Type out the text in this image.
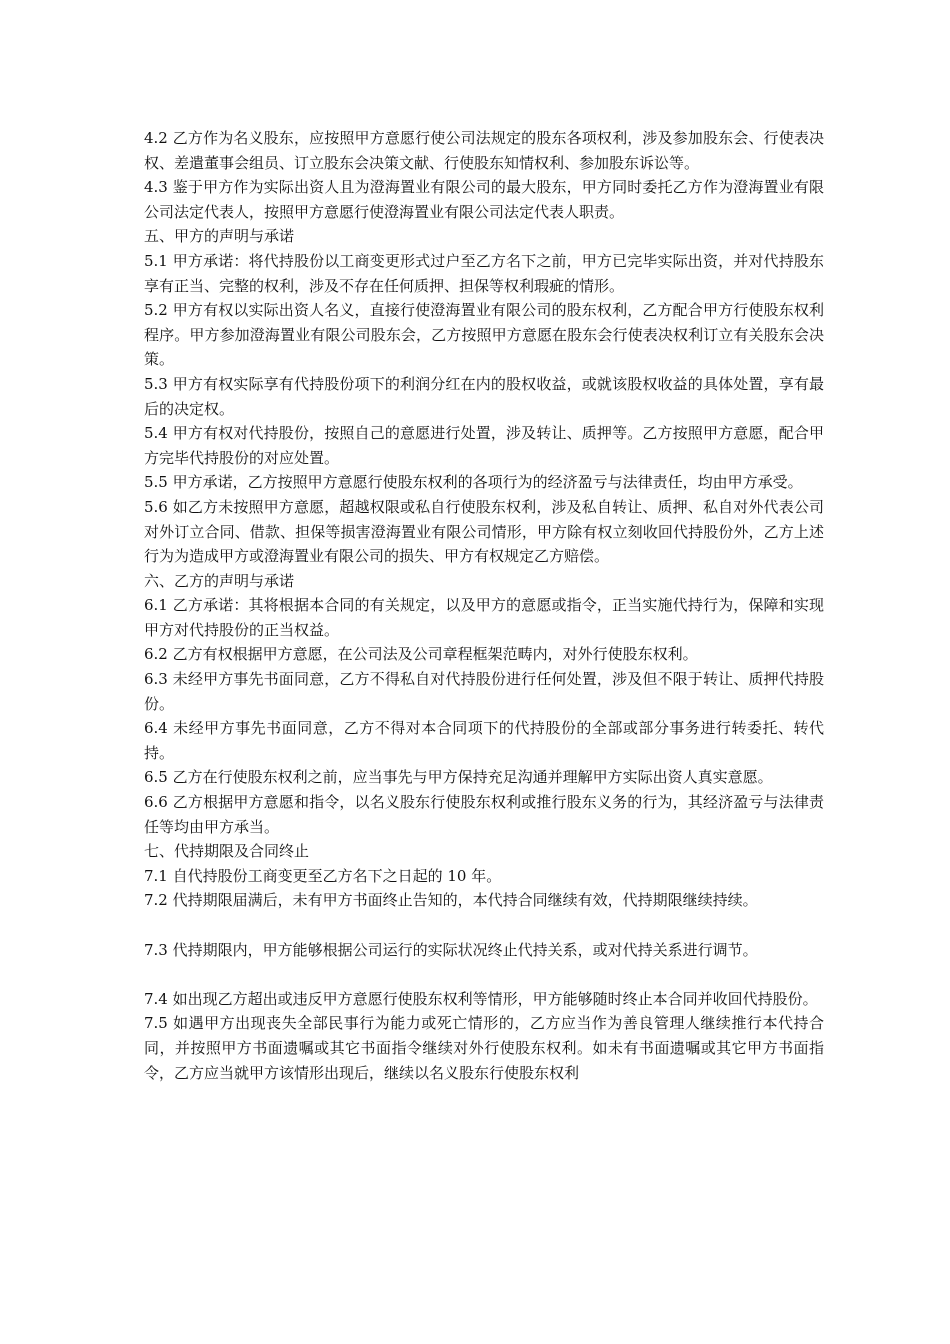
4.2 乙方作为名义股东，应按照甲方意愿行使公司法规定的股东各项权利，涉及参加股东会、行使表决权、差遣董事会组员、订立股东会决策文献、行使股东知情权利、参加股东诉讼等。

4.3 鉴于甲方作为实际出资人且为澄海置业有限公司的最大股东，甲方同时委托乙方作为澄海置业有限公司法定代表人，按照甲方意愿行使澄海置业有限公司法定代表人职责。

五、甲方的声明与承诺

5.1 甲方承诺：将代持股份以工商变更形式过户至乙方名下之前，甲方已完毕实际出资，并对代持股东享有正当、完整的权利，涉及不存在任何质押、担保等权利瑕疵的情形。

5.2 甲方有权以实际出资人名义，直接行使澄海置业有限公司的股东权利，乙方配合甲方行使股东权利程序。甲方参加澄海置业有限公司股东会，乙方按照甲方意愿在股东会行使表决权利订立有关股东会决策。

5.3 甲方有权实际享有代持股份项下的利润分红在内的股权收益，或就该股权收益的具体处置，享有最后的决定权。

5.4 甲方有权对代持股份，按照自己的意愿进行处置，涉及转让、质押等。乙方按照甲方意愿，配合甲方完毕代持股份的对应处置。

5.5 甲方承诺，乙方按照甲方意愿行使股东权利的各项行为的经济盈亏与法律责任，均由甲方承受。

5.6 如乙方未按照甲方意愿，超越权限或私自行使股东权利，涉及私自转让、质押、私自对外代表公司对外订立合同、借款、担保等损害澄海置业有限公司情形，甲方除有权立刻收回代持股份外，乙方上述行为为造成甲方或澄海置业有限公司的损失、甲方有权规定乙方赔偿。

六、乙方的声明与承诺

6.1 乙方承诺：其将根据本合同的有关规定，以及甲方的意愿或指令，正当实施代持行为，保障和实现甲方对代持股份的正当权益。

6.2 乙方有权根据甲方意愿，在公司法及公司章程框架范畴内，对外行使股东权利。

6.3 未经甲方事先书面同意，乙方不得私自对代持股份进行任何处置，涉及但不限于转让、质押代持股份。

6.4 未经甲方事先书面同意，乙方不得对本合同项下的代持股份的全部或部分事务进行转委托、转代持。

6.5 乙方在行使股东权利之前，应当事先与甲方保持充足沟通并理解甲方实际出资人真实意愿。

6.6 乙方根据甲方意愿和指令，以名义股东行使股东权利或推行股东义务的行为，其经济盈亏与法律责任等均由甲方承当。

七、代持期限及合同终止

7.1 自代持股份工商变更至乙方名下之日起的 10 年。

7.2 代持期限届满后，未有甲方书面终止告知的，本代持合同继续有效，代持期限继续持续。

7.3 代持期限内，甲方能够根据公司运行的实际状况终止代持关系，或对代持关系进行调节。

7.4 如出现乙方超出或违反甲方意愿行使股东权利等情形，甲方能够随时终止本合同并收回代持股份。

7.5 如遇甲方出现丧失全部民事行为能力或死亡情形的，乙方应当作为善良管理人继续推行本代持合同，并按照甲方书面遗嘱或其它书面指令继续对外行使股东权利。如未有书面遗嘱或其它甲方书面指令，乙方应当就甲方该情形出现后，继续以名义股东行使股东权利
